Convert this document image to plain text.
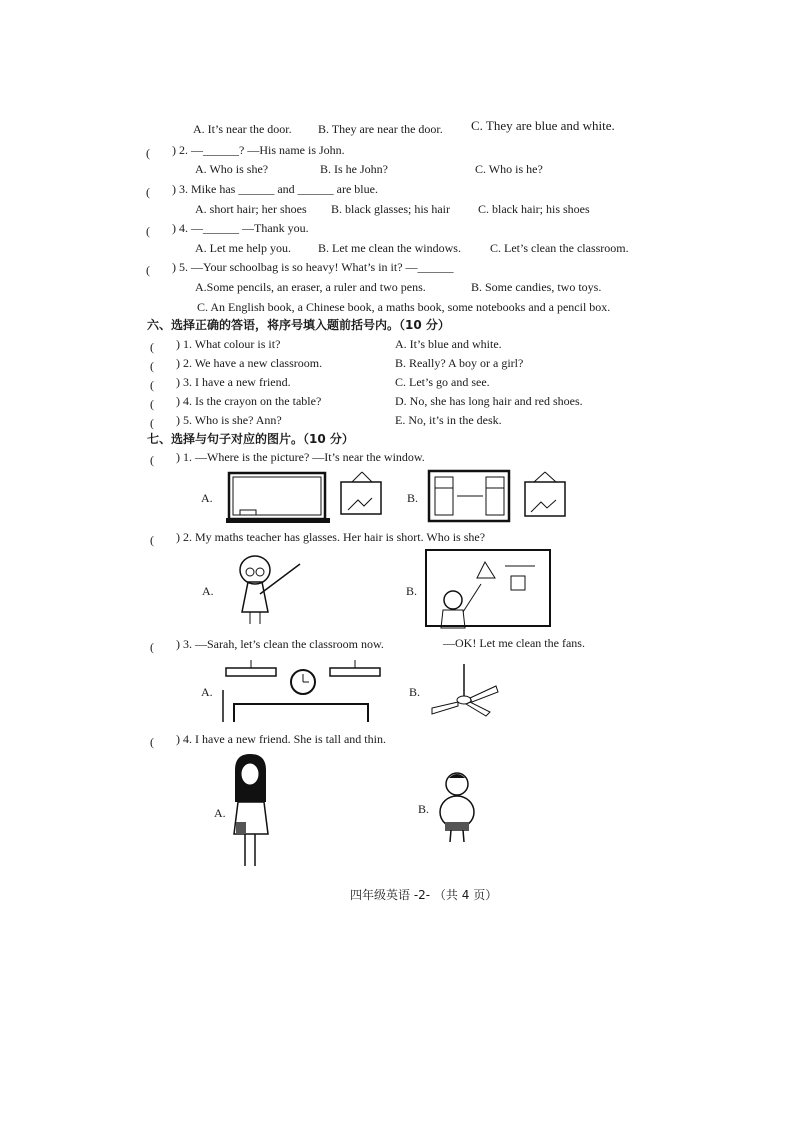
A. It’s near the door. B. They are near the door. C. They are blue and white.
( ) 2. —______? —His name is John.
A. Who is she?	B. Is he John?	C. Who is he?
( ) 3. Mike has ______ and ______ are blue.
A. short hair; her shoes B. black glasses; his hair C. black hair; his shoes
( ) 4. —______ —Thank you.
A. Let me help you. B. Let me clean the windows. C. Let’s clean the classroom.
( ) 5. —Your schoolbag is so heavy! What’s in it? —______
A.Some pencils, an eraser, a ruler and two pens.	B. Some candies, two toys.
C. An English book, a Chinese book, a maths book, some notebooks and a pencil box.
六、选择正确的答语，将序号填入题前括号内。（10 分）
( ) 1. What colour is it?	A. It’s blue and white.
( ) 2. We have a new classroom.	B. Really? A boy or a girl?
( ) 3. I have a new friend.	C. Let’s go and see.
( ) 4. Is the crayon on the table?	D. No, she has long hair and red shoes.
( ) 5. Who is she? Ann?	E. No, it’s in the desk.
七、选择与句子对应的图片。（10 分）
( ) 1. —Where is the picture? —It’s near the window.
A.	B.
( ) 2. My maths teacher has glasses. Her hair is short. Who is she?
A.	B.
( ) 3. —Sarah, let’s clean the classroom now.	—OK! Let me clean the fans.
A.	B.
( ) 4. I have a new friend. She is tall and thin.
A.	B.
四年级英语 -2- （共 4 页）
